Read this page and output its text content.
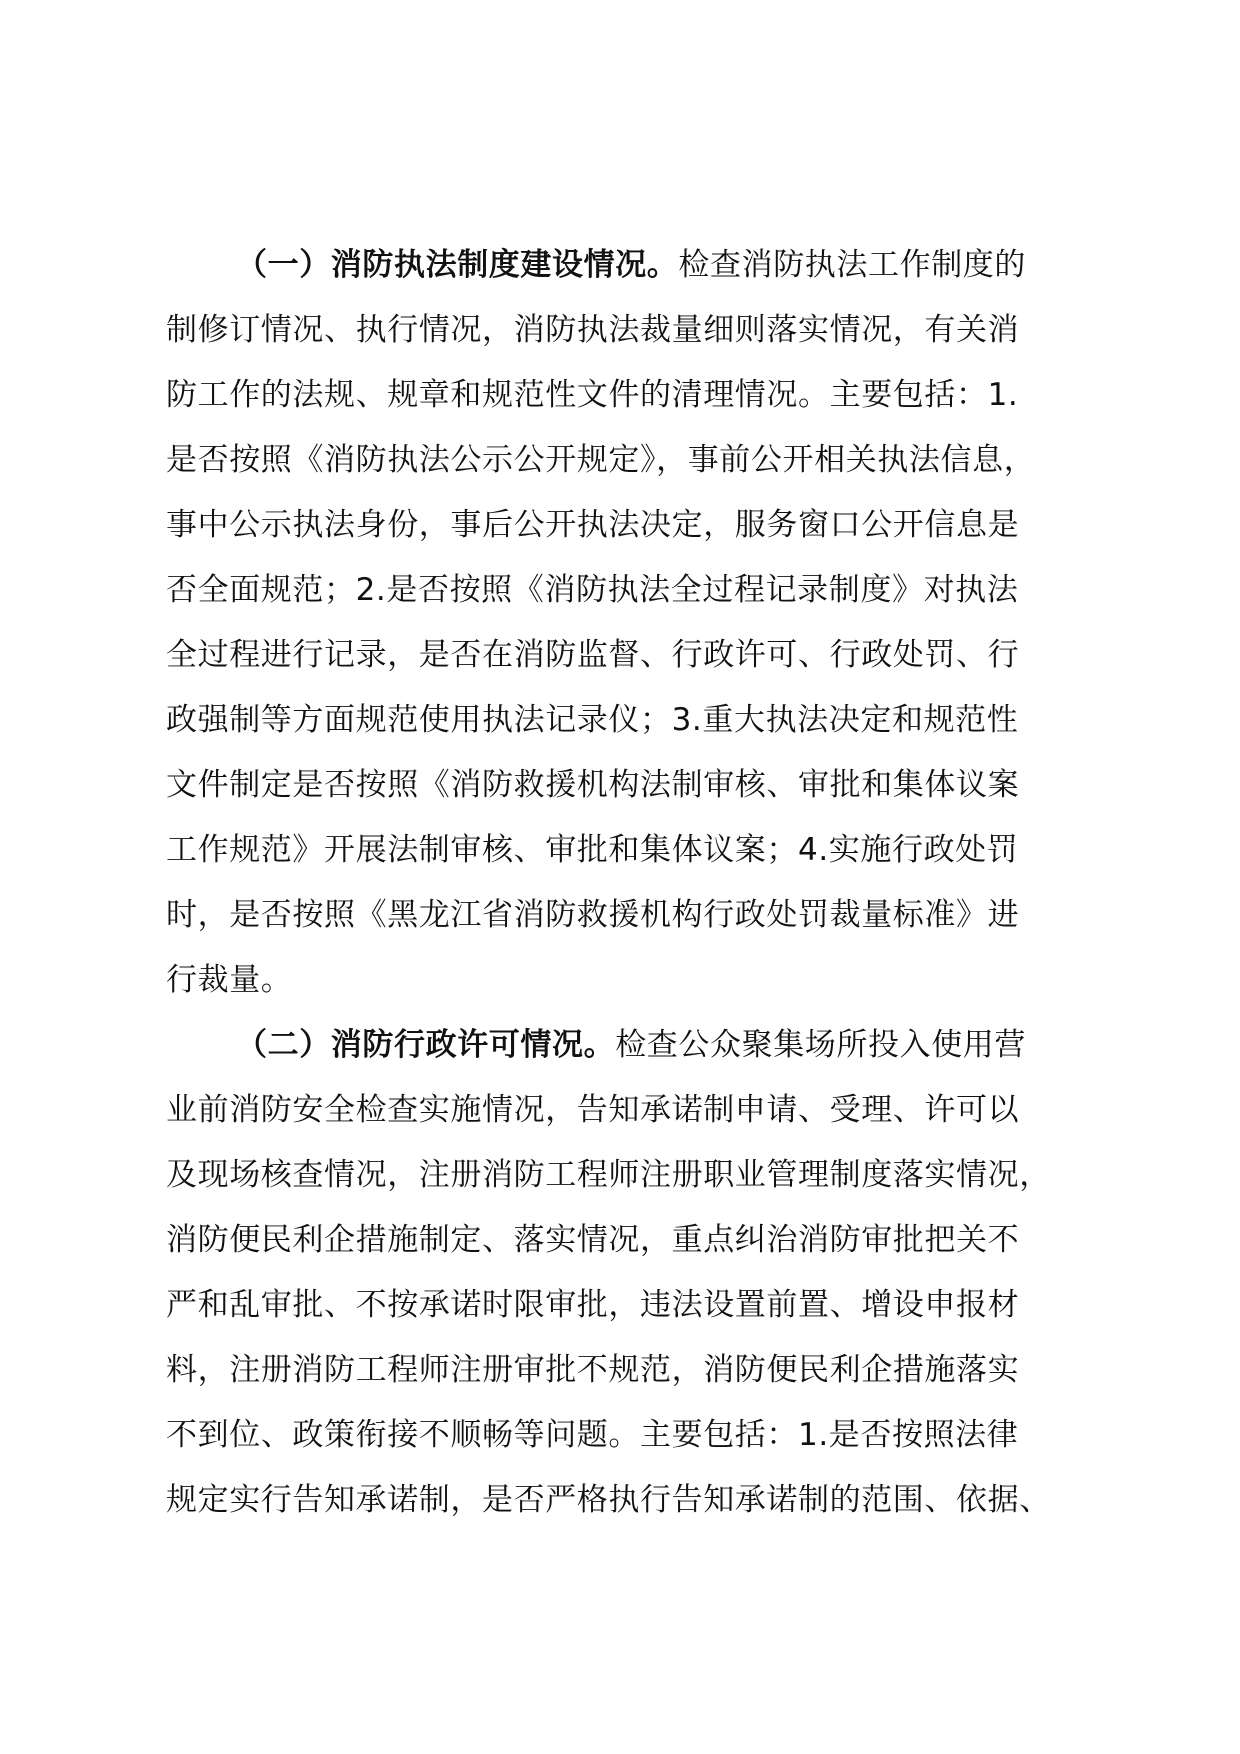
（一）消防执法制度建设情况。检查消防执法工作制度的
制修订情况、执行情况，消防执法裁量细则落实情况，有关消
防工作的法规、规章和规范性文件的清理情况。主要包括：1.
是否按照《消防执法公示公开规定》，事前公开相关执法信息，
事中公示执法身份，事后公开执法决定，服务窗口公开信息是
否全面规范；2.是否按照《消防执法全过程记录制度》对执法
全过程进行记录，是否在消防监督、行政许可、行政处罚、行
政强制等方面规范使用执法记录仪；3.重大执法决定和规范性
文件制定是否按照《消防救援机构法制审核、审批和集体议案
工作规范》开展法制审核、审批和集体议案；4.实施行政处罚
时，是否按照《黑龙江省消防救援机构行政处罚裁量标准》进
行裁量。
（二）消防行政许可情况。检查公众聚集场所投入使用营
业前消防安全检查实施情况，告知承诺制申请、受理、许可以
及现场核查情况，注册消防工程师注册职业管理制度落实情况，
消防便民利企措施制定、落实情况，重点纠治消防审批把关不
严和乱审批、不按承诺时限审批，违法设置前置、增设申报材
料，注册消防工程师注册审批不规范，消防便民利企措施落实
不到位、政策衔接不顺畅等问题。主要包括：1.是否按照法律
规定实行告知承诺制，是否严格执行告知承诺制的范围、依据、
